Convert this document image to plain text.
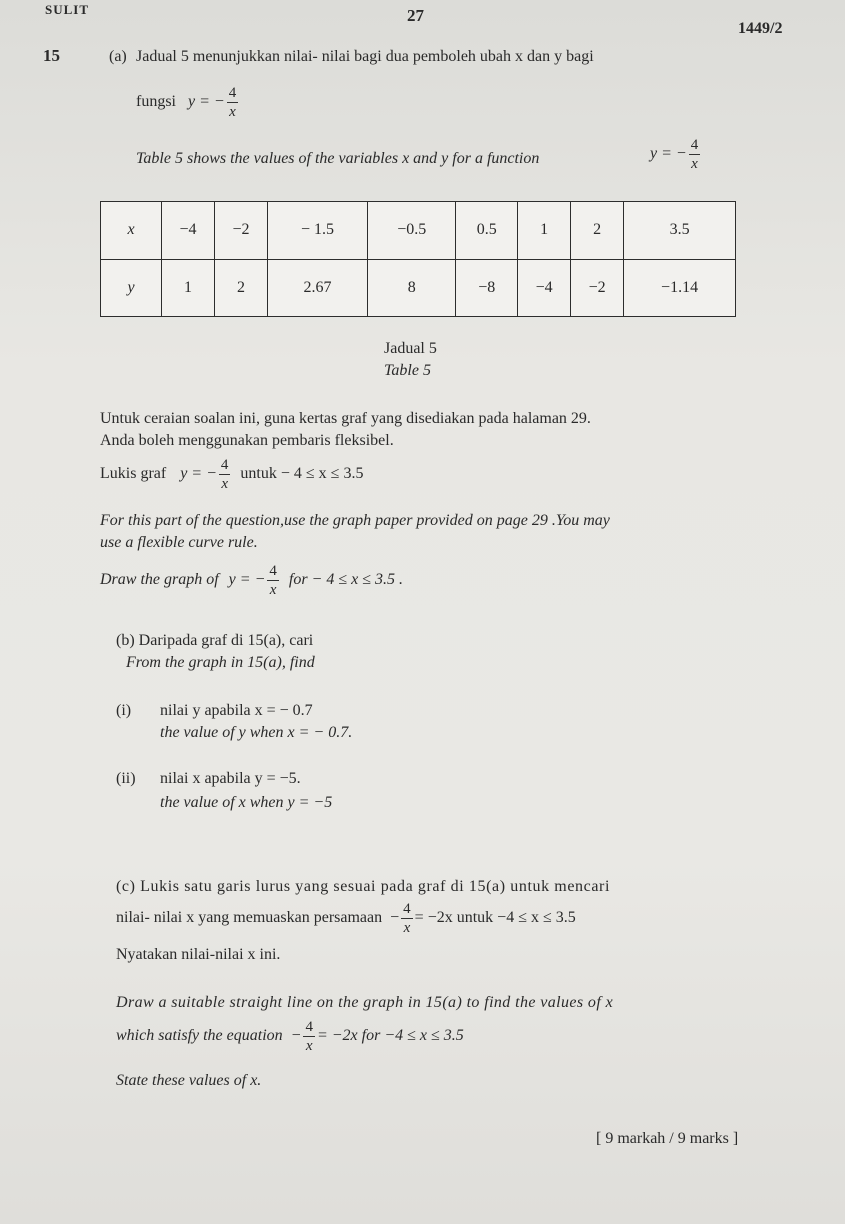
SULIT	27
1449/2
15	(a) Jadual 5 menunjukkan nilai- nilai bagi dua pemboleh ubah x dan y bagi
fungsi y = − $\frac{4}{x}$
Table 5 shows the values of the variables x and y for a function	y = − $\frac{4}{x}$
x	−4	−2	− 1.5	−0.5	0.5	1	2	3.5
y	1	2	2.67	8	−8	−4	−2	−1.14
Jadual 5
Table 5
Untuk ceraian soalan ini, guna kertas graf yang disediakan pada halaman 29.
Anda boleh menggunakan pembaris fleksibel.
Lukis graf y = − $\frac{4}{x}$ untuk − 4 ≤ x ≤ 3.5
For this part of the question,use the graph paper provided on page 29 .You may
use a flexible curve rule.
Draw the graph of y = − $\frac{4}{x}$ for − 4 ≤ x ≤ 3.5 .
(b) Daripada graf di 15(a), cari
From the graph in 15(a), find
(i) nilai y apabila x = − 0.7
the value of y when x = − 0.7.
(ii) nilai x apabila y = −5.
the value of x when y = −5
(c) Lukis satu garis lurus yang sesuai pada graf di 15(a) untuk mencari
nilai- nilai x yang memuaskan persamaan − $\frac{4}{x} = -2x$ untuk −4 ≤ x ≤ 3.5
Nyatakan nilai-nilai x ini.
Draw a suitable straight line on the graph in 15(a) to find the values of x
which satisfy the equation − $\frac{4}{x} = -2x$ for −4 ≤ x ≤ 3.5
State these values of x.
[ 9 markah / 9 marks ]
